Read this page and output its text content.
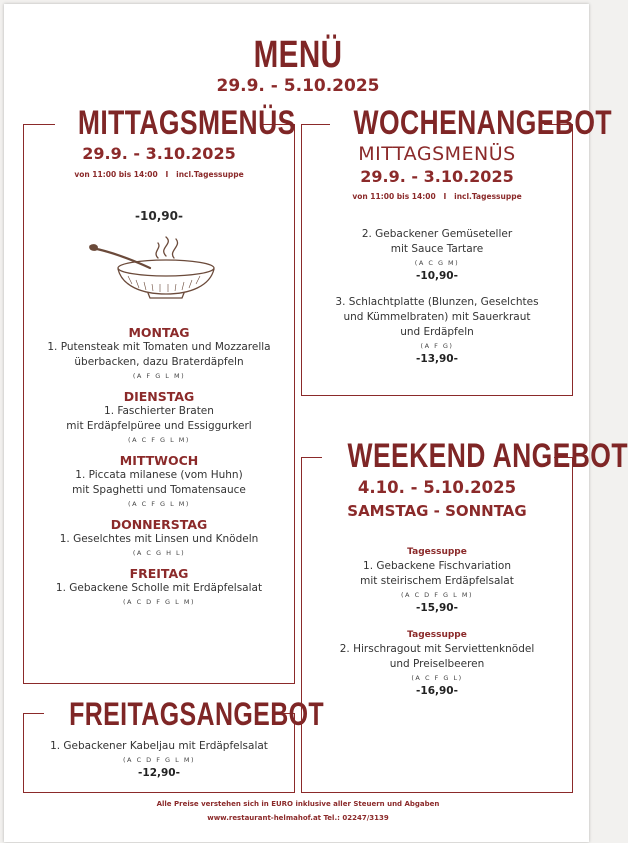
MENÜ
29.9. - 5.10.2025
MITTAGSMENÜS
29.9. - 3.10.2025
von 11:00 bis 14:00   I   incl.Tagessuppe
-10,90-
MONTAG
1. Putensteak mit Tomaten und Mozzarella
überbacken, dazu Braterdäpfeln
(A F G L M)
DIENSTAG
1. Faschierter Braten
mit Erdäpfelpüree und Essiggurkerl
(A C F G L M)
MITTWOCH
1. Piccata milanese (vom Huhn)
mit Spaghetti und Tomatensauce
(A C F G L M)
DONNERSTAG
1. Geselchtes mit Linsen und Knödeln
(A C G H L)
FREITAG
1. Gebackene Scholle mit Erdäpfelsalat
(A C D F G L M)
FREITAGSANGEBOT
1. Gebackener Kabeljau mit Erdäpfelsalat
(A C D F G L M)
-12,90-
WOCHENANGEBOT
MITTAGSMENÜS
29.9. - 3.10.2025
von 11:00 bis 14:00   I   incl.Tagessuppe
2. Gebackener Gemüseteller
mit Sauce Tartare
(A C G M)
-10,90-
3. Schlachtplatte (Blunzen, Geselchtes
und Kümmelbraten) mit Sauerkraut
und Erdäpfeln
(A F G)
-13,90-
WEEKEND ANGEBOT
4.10. - 5.10.2025
SAMSTAG - SONNTAG
Tagessuppe
1. Gebackene Fischvariation
mit steirischem Erdäpfelsalat
(A C D F G L M)
-15,90-
Tagessuppe
2. Hirschragout mit Serviettenknödel
und Preiselbeeren
(A C F G L)
-16,90-
Alle Preise verstehen sich in EURO inklusive aller Steuern und Abgaben
www.restaurant-helmahof.at Tel.: 02247/3139
